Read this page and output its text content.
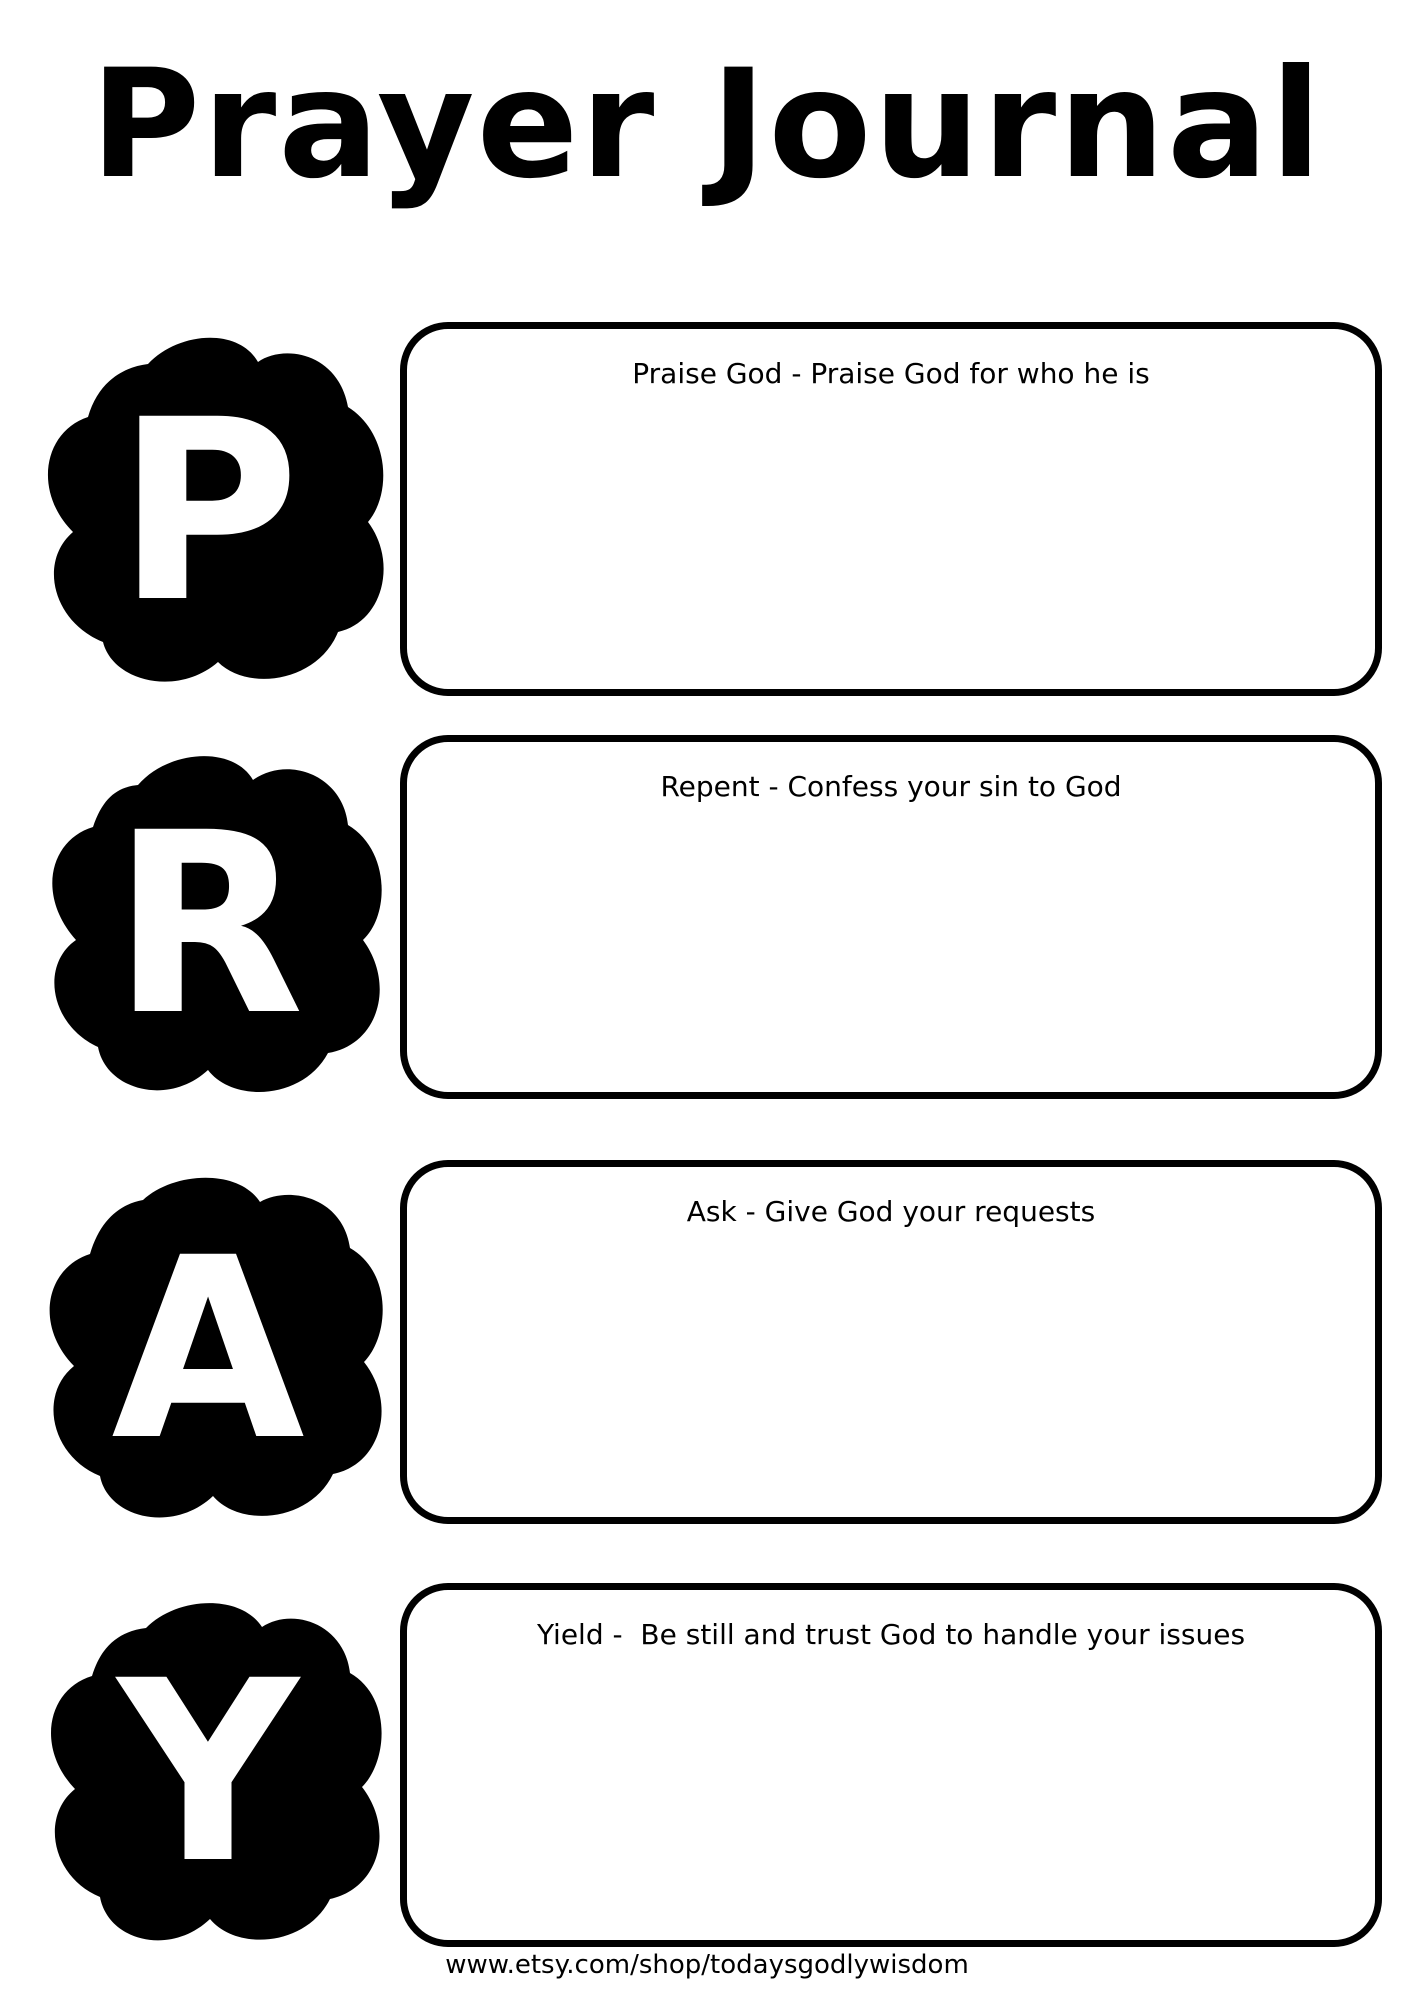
Prayer Journal
P	Praise God - Praise God for who he is
R	Repent - Confess your sin to God
A	Ask - Give God your requests
Y	Yield -  Be still and trust God to handle your issues
www.etsy.com/shop/todaysgodlywisdom
